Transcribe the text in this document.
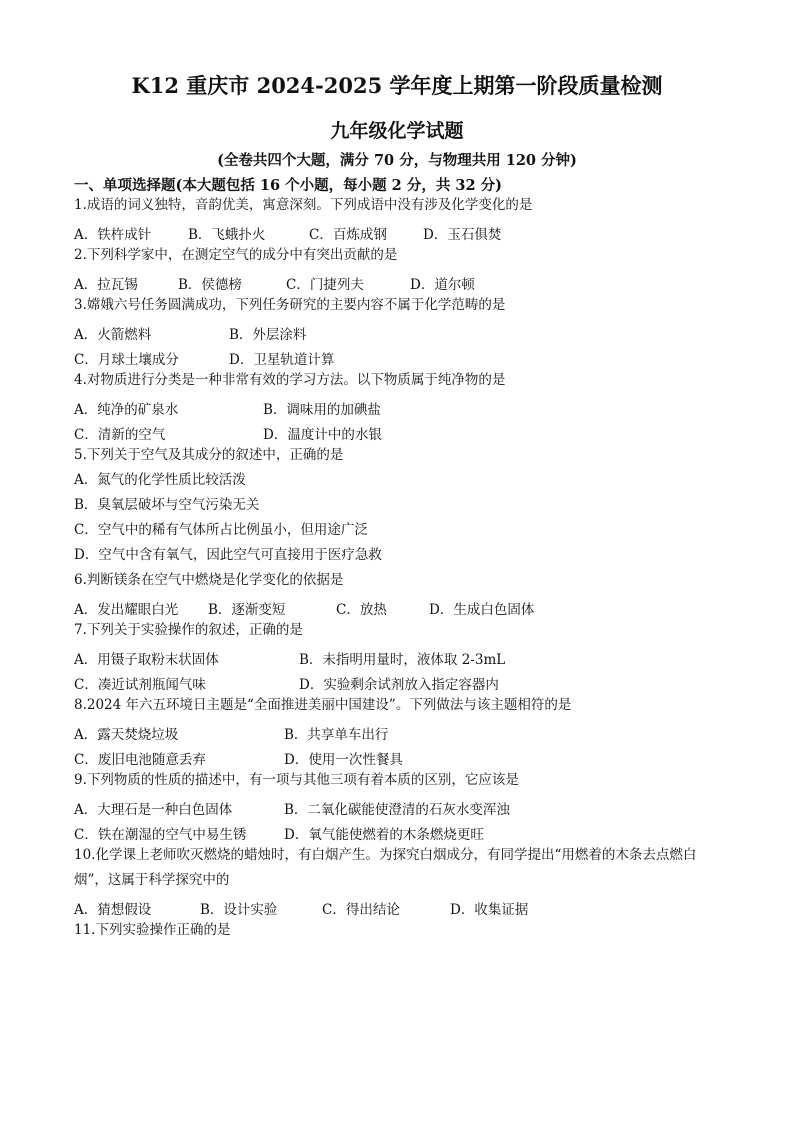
K12 重庆市 2024-2025 学年度上期第一阶段质量检测
九年级化学试题
(全卷共四个大题，满分 70 分，与物理共用 120 分钟)
一、单项选择题(本大题包括 16 个小题，每小题 2 分，共 32 分)
1.成语的词义独特，音韵优美，寓意深刻。下列成语中没有涉及化学变化的是
A．铁杵成针	B．飞蛾扑火	C．百炼成钢	D．玉石俱焚
2.下列科学家中，在测定空气的成分中有突出贡献的是
A．拉瓦锡	B．侯德榜	C．门捷列夫	D．道尔顿
3.嫦娥六号任务圆满成功，下列任务研究的主要内容不属于化学范畴的是
A．火箭燃料	B．外层涂料
C．月球土壤成分	D．卫星轨道计算
4.对物质进行分类是一种非常有效的学习方法。以下物质属于纯净物的是
A．纯净的矿泉水	B．调味用的加碘盐
C．清新的空气	D．温度计中的水银
5.下列关于空气及其成分的叙述中，正确的是
A．氮气的化学性质比较活泼
B．臭氧层破坏与空气污染无关
C．空气中的稀有气体所占比例虽小，但用途广泛
D．空气中含有氧气，因此空气可直接用于医疗急救
6.判断镁条在空气中燃烧是化学变化的依据是
A．发出耀眼白光 B．逐渐变短	C．放热	D．生成白色固体
7.下列关于实验操作的叙述，正确的是
A．用镊子取粉末状固体	B．未指明用量时，液体取 2-3mL
C．凑近试剂瓶闻气味	D．实验剩余试剂放入指定容器内
8.2024 年六五环境日主题是“全面推进美丽中国建设”。下列做法与该主题相符的是
A．露天焚烧垃圾	B．共享单车出行
C．废旧电池随意丢弃	D．使用一次性餐具
9.下列物质的性质的描述中，有一项与其他三项有着本质的区别，它应该是
A．大理石是一种白色固体	B．二氧化碳能使澄清的石灰水变浑浊
C．铁在潮湿的空气中易生锈	D．氧气能使燃着的木条燃烧更旺
10.化学课上老师吹灭燃烧的蜡烛时，有白烟产生。为探究白烟成分，有同学提出“用燃着的木条去点燃白
烟”，这属于科学探究中的
A．猜想假设	B．设计实验	C．得出结论	D．收集证据
11.下列实验操作正确的是
